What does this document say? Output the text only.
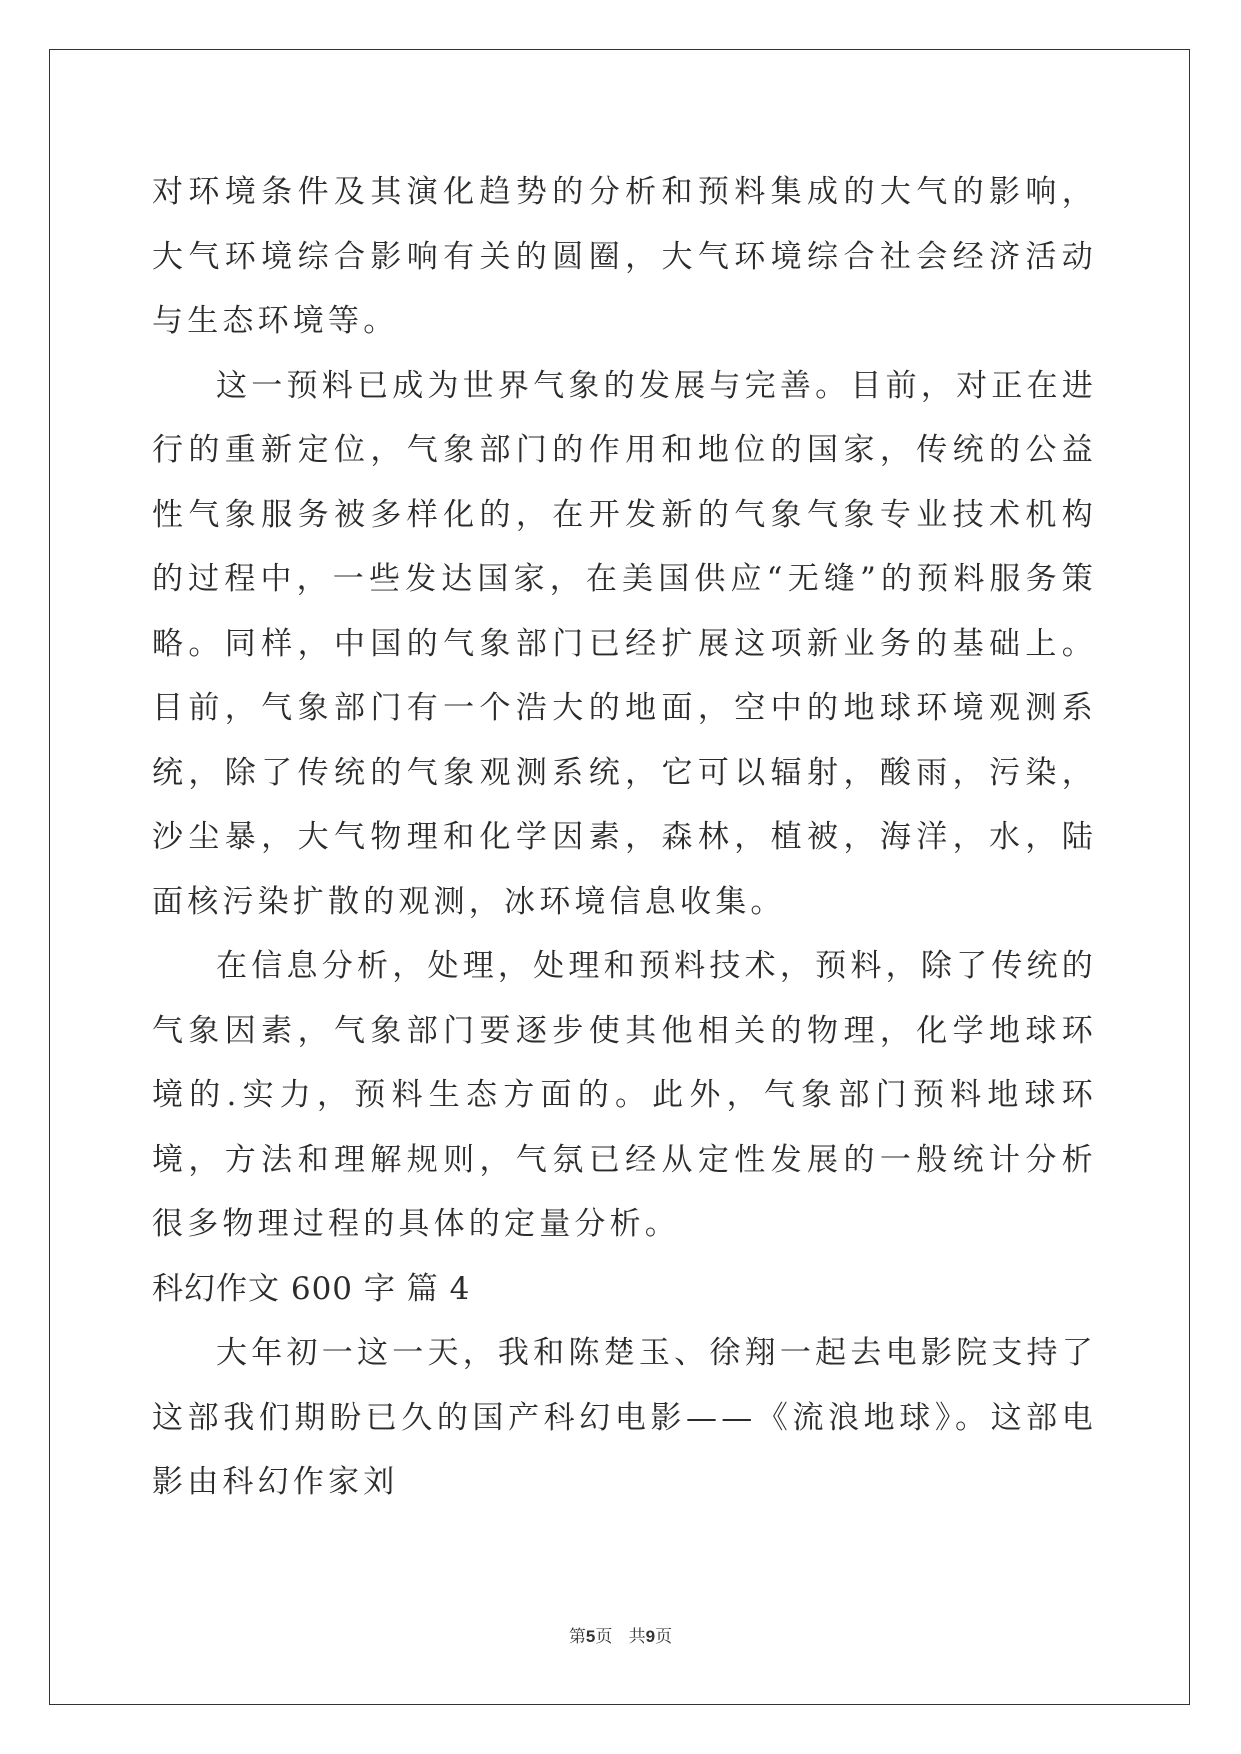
对环境条件及其演化趋势的分析和预料集成的大气的影响，大气环境综合影响有关的圆圈，大气环境综合社会经济活动与生态环境等。

这一预料已成为世界气象的发展与完善。目前，对正在进行的重新定位，气象部门的作用和地位的国家，传统的公益性气象服务被多样化的，在开发新的气象气象专业技术机构的过程中，一些发达国家，在美国供应“无缝”的预料服务策略。同样，中国的气象部门已经扩展这项新业务的基础上。目前，气象部门有一个浩大的地面，空中的地球环境观测系统，除了传统的气象观测系统，它可以辐射，酸雨，污染，沙尘暴，大气物理和化学因素，森林，植被，海洋，水，陆面核污染扩散的观测，冰环境信息收集。

在信息分析，处理，处理和预料技术，预料，除了传统的气象因素，气象部门要逐步使其他相关的物理，化学地球环境的.实力，预料生态方面的。此外，气象部门预料地球环境，方法和理解规则，气氛已经从定性发展的一般统计分析很多物理过程的具体的定量分析。

科幻作文 600 字 篇 4

大年初一这一天，我和陈楚玉、徐翔一起去电影院支持了这部我们期盼已久的国产科幻电影——《流浪地球》。这部电影由科幻作家刘

第5页   共9页
